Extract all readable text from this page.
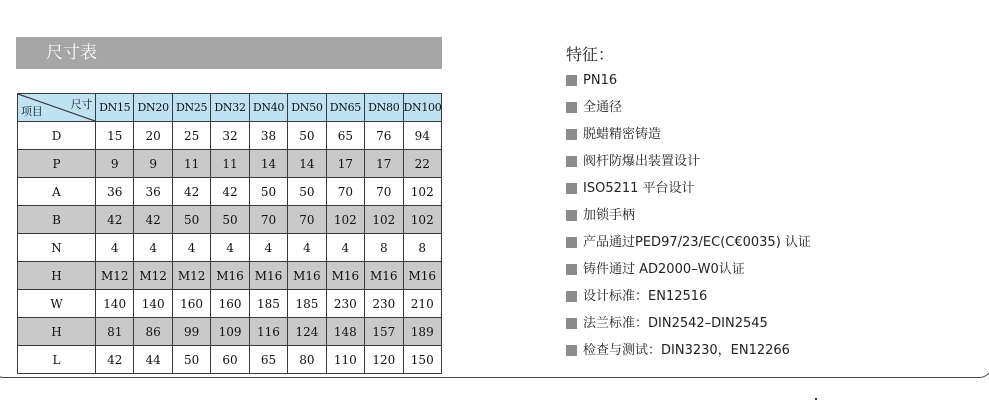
尺寸表
尺寸
项目	DN15	DN20	DN25	DN32	DN40	DN50	DN65	DN80	DN100
D	15	20	25	32	38	50	65	76	94
P	9	9	11	11	14	14	17	17	22
A	36	36	42	42	50	50	70	70	102
B	42	42	50	50	70	70	102	102	102
N	4	4	4	4	4	4	4	8	8
H	M12	M12	M12	M16	M16	M16	M16	M16	M16
W	140	140	160	160	185	185	230	230	210
H	81	86	99	109	116	124	148	157	189
L	42	44	50	60	65	80	110	120	150
特征：
PN16
全通径
脱蜡精密铸造
阀杆防爆出装置设计
ISO5211 平台设计
加锁手柄
产品通过PED97/23/EC(C€0035) 认证
铸件通过 AD2000–W0认证
设计标准：EN12516
法兰标准：DIN2542–DIN2545
检查与测试：DIN3230，EN12266
